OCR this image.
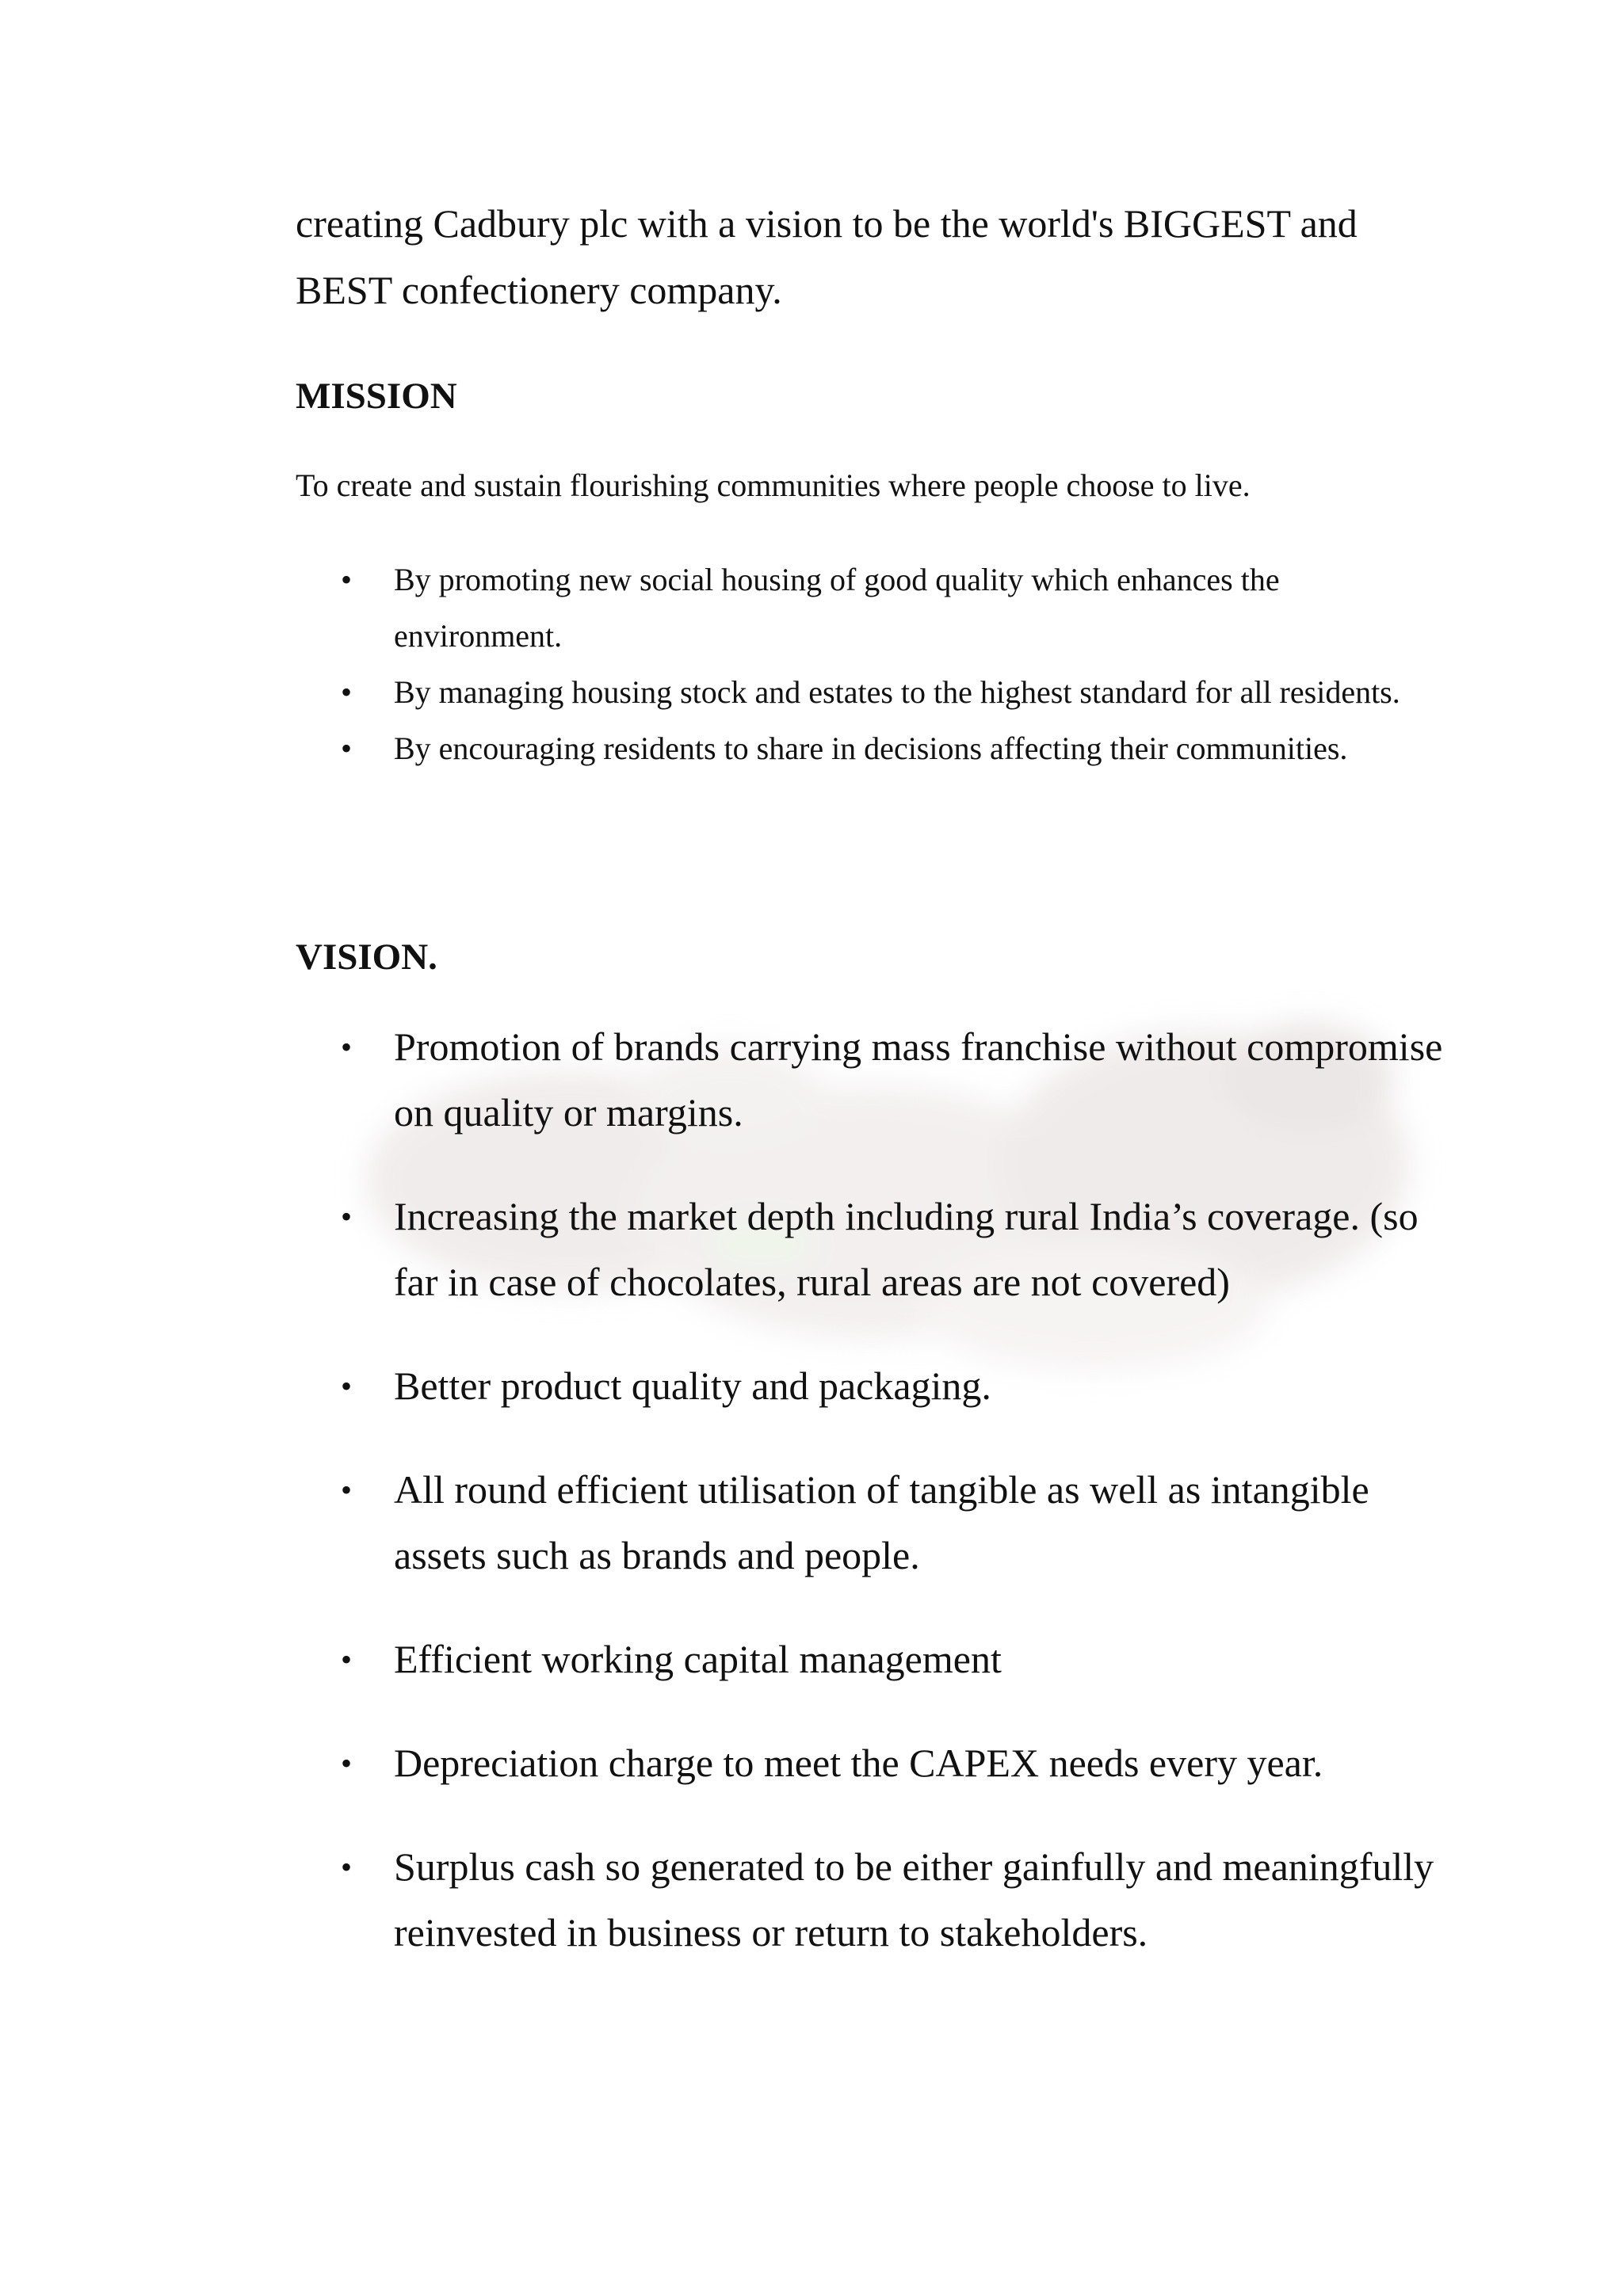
creating Cadbury plc with a vision to be the world's BIGGEST and BEST confectionery company.

MISSION

To create and sustain flourishing communities where people choose to live.

• By promoting new social housing of good quality which enhances the environment.
• By managing housing stock and estates to the highest standard for all residents.
• By encouraging residents to share in decisions affecting their communities.
VISION.
• Promotion of brands carrying mass franchise without compromise on quality or margins.
• Increasing the market depth including rural India’s coverage. (so far in case of chocolates, rural areas are not covered)
• Better product quality and packaging.
• All round efficient utilisation of tangible as well as intangible assets such as brands and people.
• Efficient working capital management
• Depreciation charge to meet the CAPEX needs every year.
• Surplus cash so generated to be either gainfully and meaningfully reinvested in business or return to stakeholders.
